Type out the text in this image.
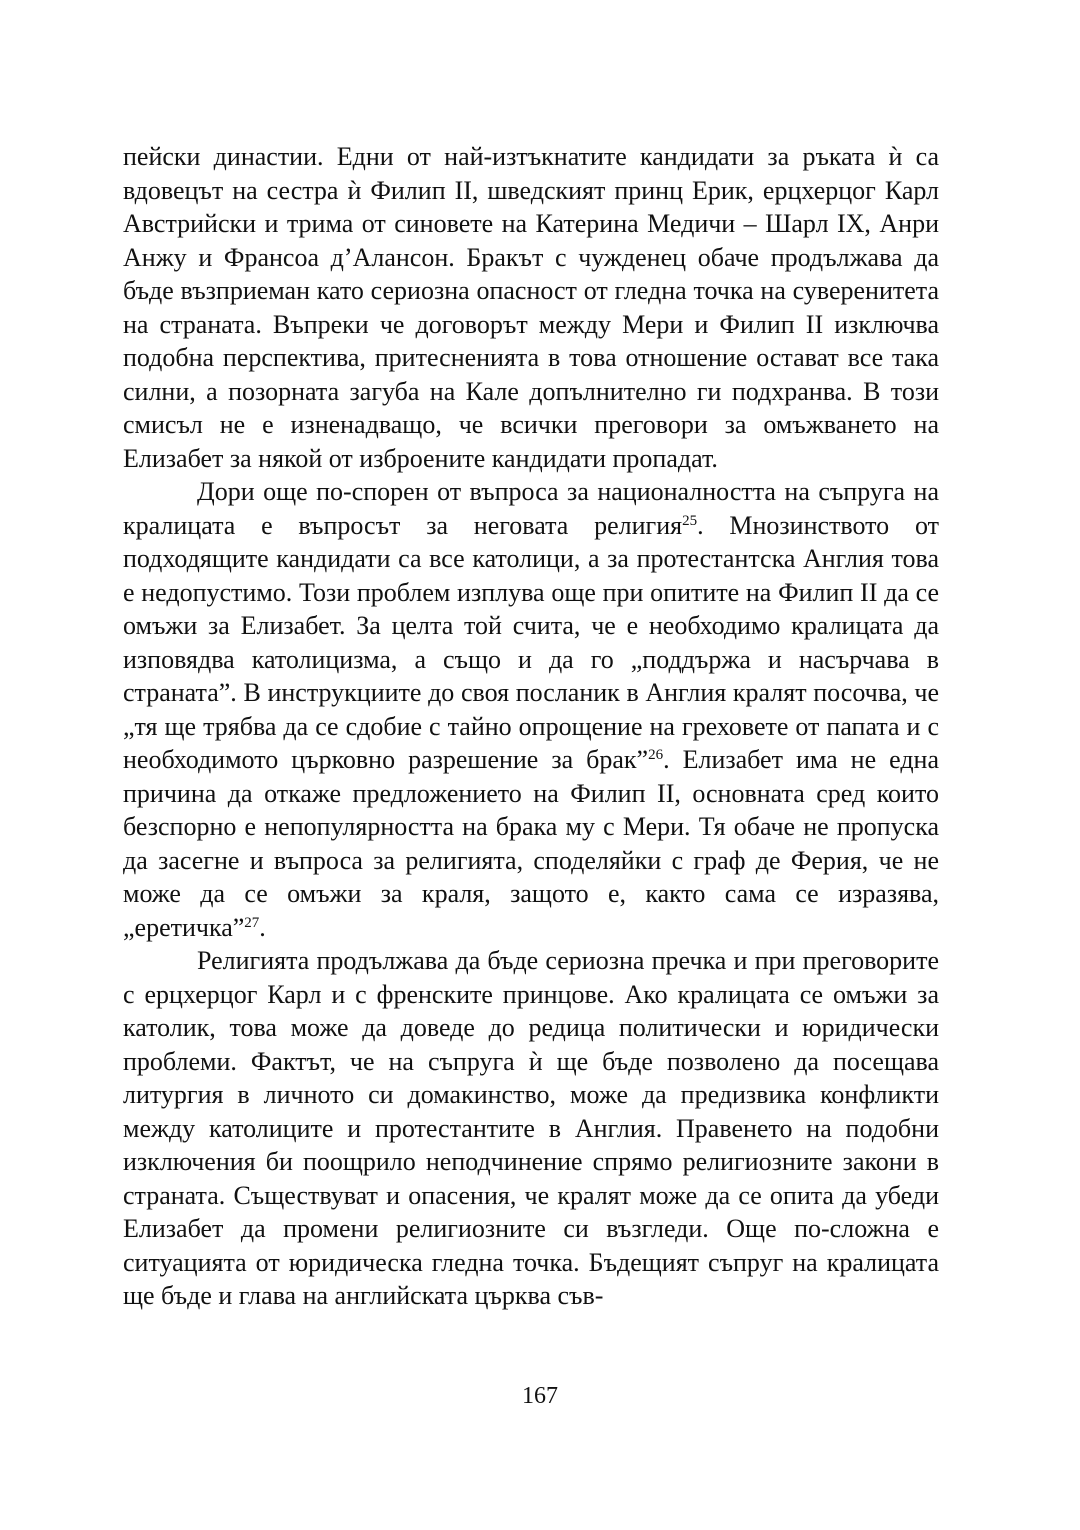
пейски династии. Едни от най-изтъкнатите кандидати за ръката ѝ са вдовецът на сестра ѝ Филип II, шведският принц Ерик, ерцхерцог Карл Австрийски и трима от синовете на Катерина Медичи – Шарл IX, Анри Анжу и Франсоа д’Алансон. Бракът с чужденец обаче продължава да бъде възприеман като сериозна опасност от гледна точка на суверенитета на страната. Въпреки че договорът между Мери и Филип II изключва подобна перспектива, притесненията в това отношение остават все така силни, а позорната загуба на Кале допълнително ги подхранва. В този смисъл не е изненадващо, че всички преговори за омъжването на Елизабет за някой от изброените кандидати пропадат.

Дори още по-спорен от въпроса за националността на съпруга на кралицата е въпросът за неговата религия$^{25}$. Мнозинството от подходящите кандидати са все католици, а за протестантска Англия това е недопустимо. Този проблем изплува още при опитите на Филип II да се омъжи за Елизабет. За целта той счита, че е необходимо кралицата да изповядва католицизма, а също и да го „поддържа и насърчава в страната”. В инструкциите до своя посланик в Англия кралят посочва, че „тя ще трябва да се сдобие с тайно опрощение на греховете от папата и с необходимото църковно разрешение за брак”$^{26}$. Елизабет има не една причина да откаже предложението на Филип II, основната сред които безспорно е непопулярността на брака му с Мери. Тя обаче не пропуска да засегне и въпроса за религията, споделяйки с граф де Ферия, че не може да се омъжи за краля, защото е, както сама се изразява, „еретичка”$^{27}$.

Религията продължава да бъде сериозна пречка и при преговорите с ерцхерцог Карл и с френските принцове. Ако кралицата се омъжи за католик, това може да доведе до редица политически и юридически проблеми. Фактът, че на съпруга ѝ ще бъде позволено да посещава литургия в личното си домакинство, може да предизвика конфликти между католиците и протестантите в Англия. Правенето на подобни изключения би поощрило неподчинение спрямо религиозните закони в страната. Съществуват и опасения, че кралят може да се опита да убеди Елизабет да промени религиозните си възгледи. Още по-сложна е ситуацията от юридическа гледна точка. Бъдещият съпруг на кралицата ще бъде и глава на английската църква съв-

167
